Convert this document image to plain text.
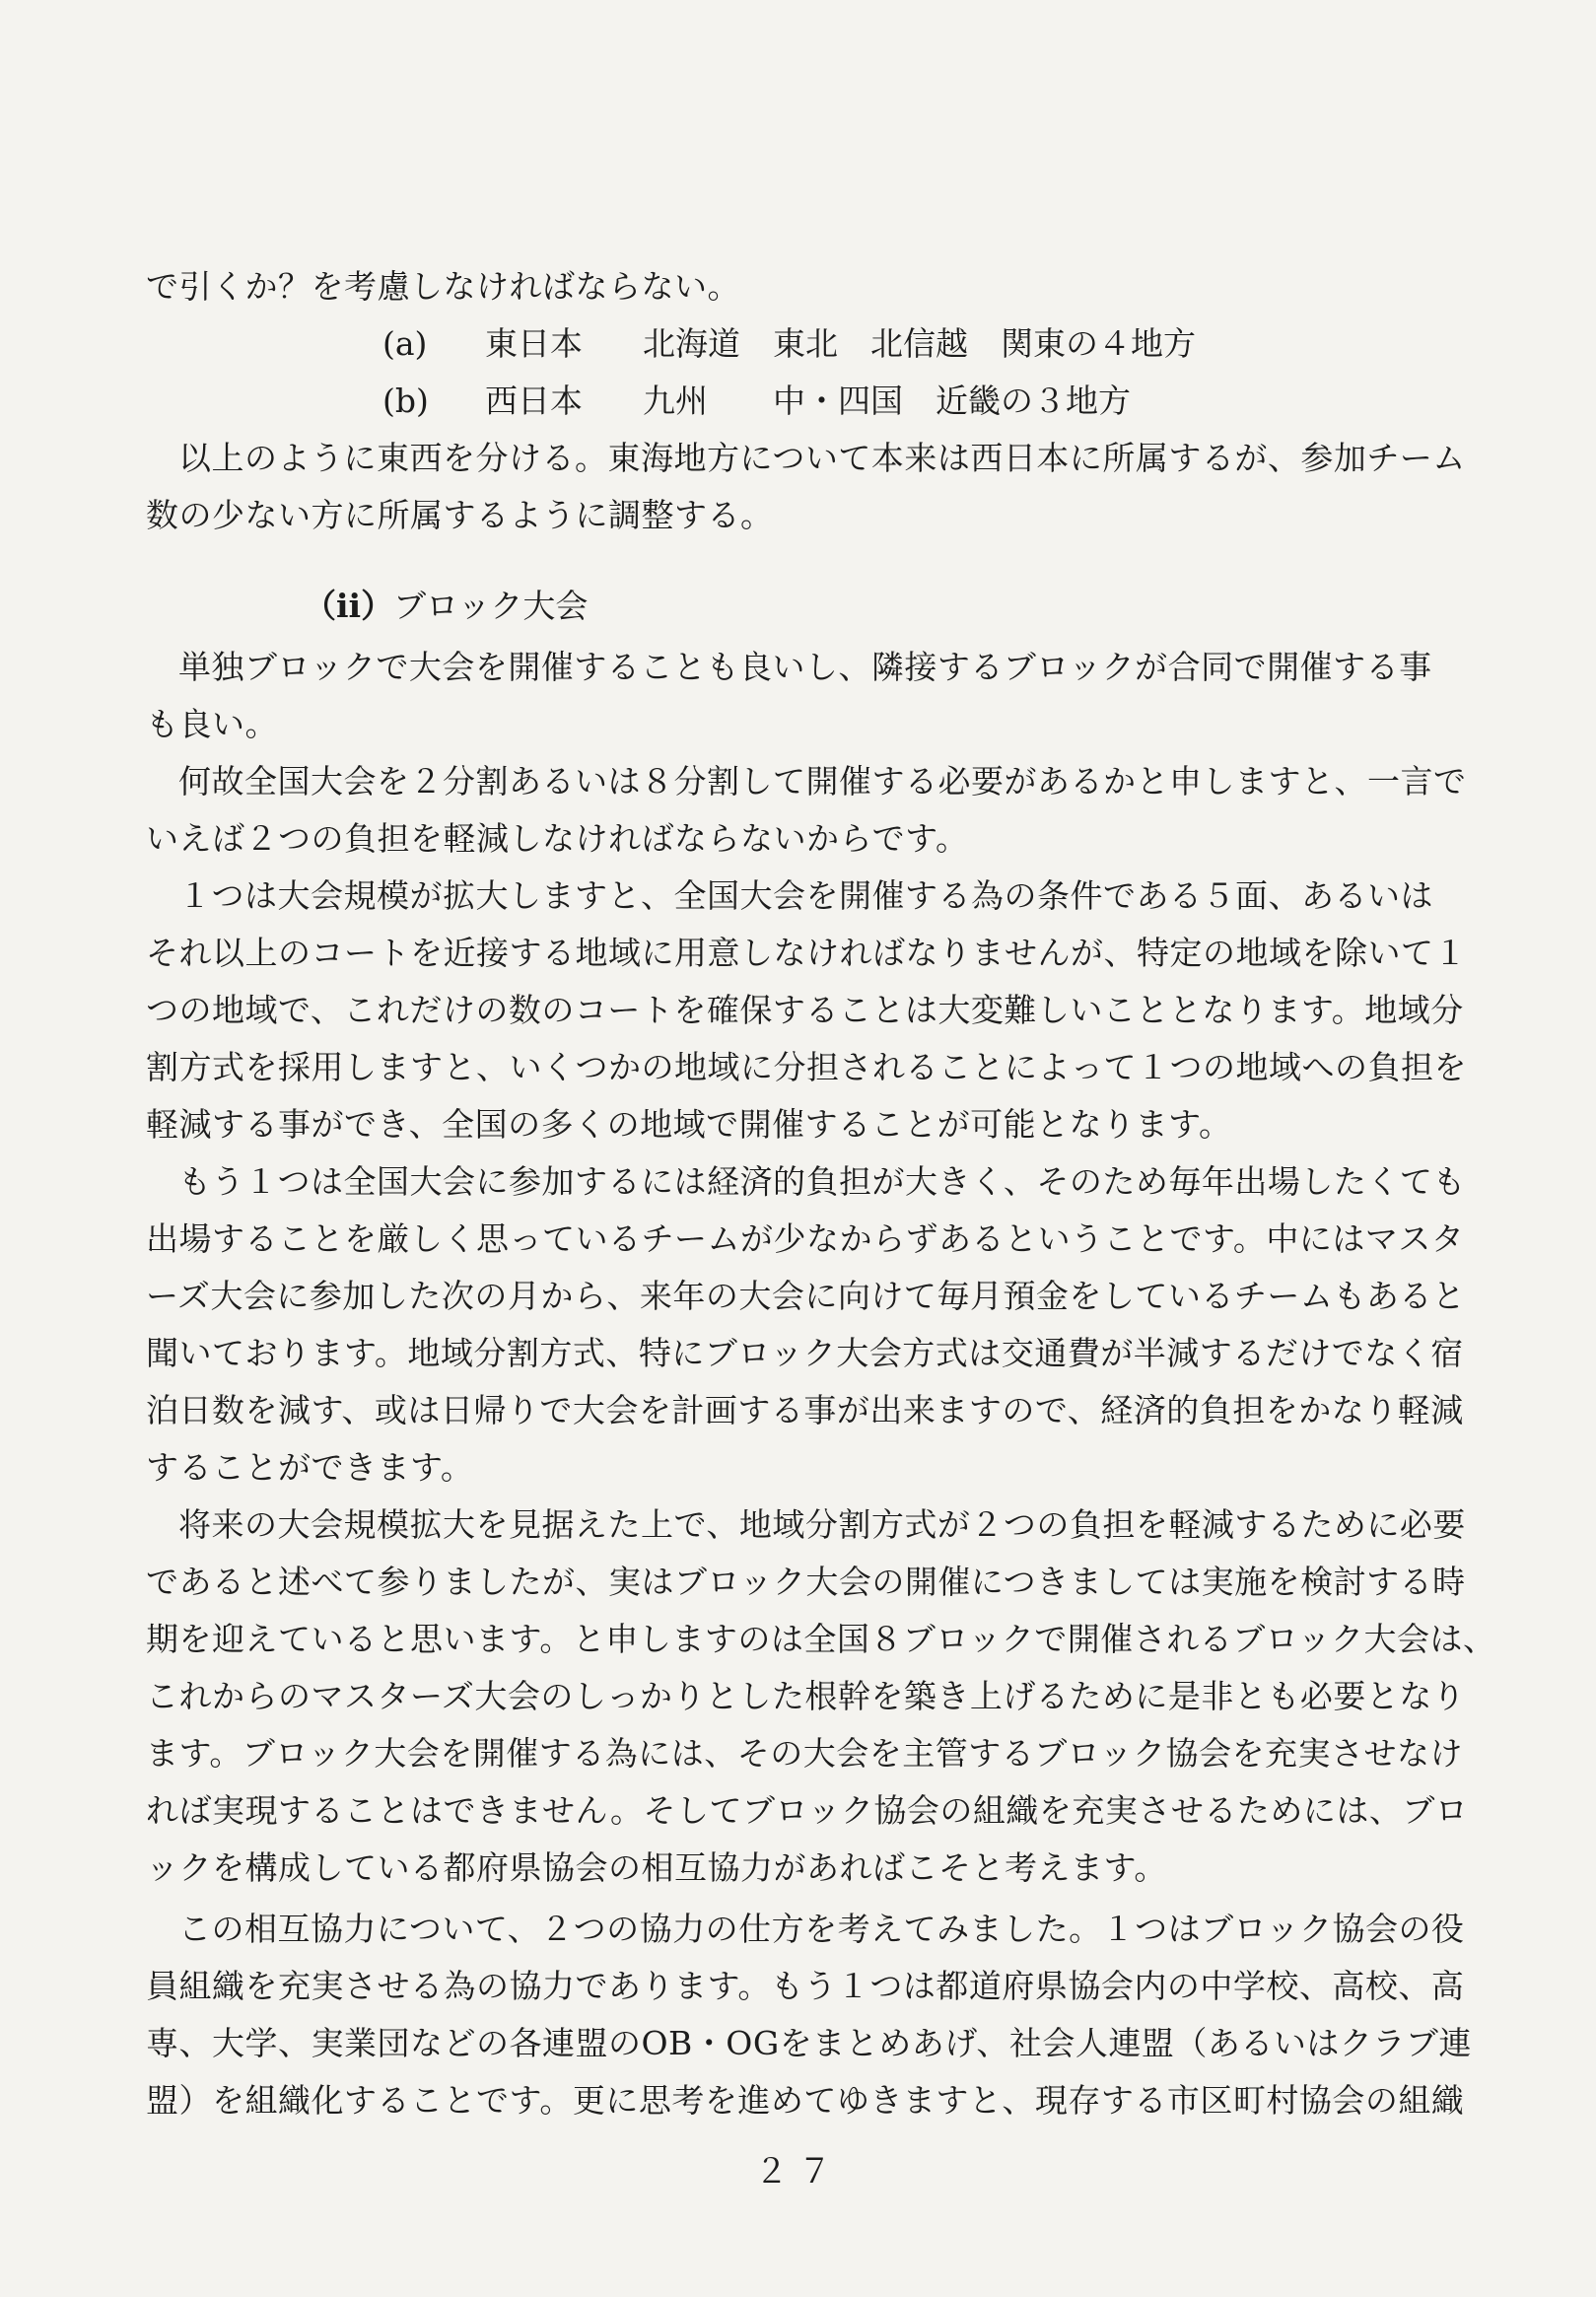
で引くか？を考慮しなければならない。
(a) 東日本 北海道　東北　北信越　関東の４地方
(b) 西日本 九州　　中・四国　近畿の３地方
以上のように東西を分ける。東海地方について本来は西日本に所属するが、参加チーム
数の少ない方に所属するように調整する。
（ⅱ）ブロック大会
単独ブロックで大会を開催することも良いし、隣接するブロックが合同で開催する事
も良い。
何故全国大会を２分割あるいは８分割して開催する必要があるかと申しますと、一言で
いえば２つの負担を軽減しなければならないからです。
１つは大会規模が拡大しますと、全国大会を開催する為の条件である５面、あるいは
それ以上のコートを近接する地域に用意しなければなりませんが、特定の地域を除いて１
つの地域で、これだけの数のコートを確保することは大変難しいこととなります。地域分
割方式を採用しますと、いくつかの地域に分担されることによって１つの地域への負担を
軽減する事ができ、全国の多くの地域で開催することが可能となります。
もう１つは全国大会に参加するには経済的負担が大きく、そのため毎年出場したくても
出場することを厳しく思っているチームが少なからずあるということです。中にはマスタ
ーズ大会に参加した次の月から、来年の大会に向けて毎月預金をしているチームもあると
聞いております。地域分割方式、特にブロック大会方式は交通費が半減するだけでなく宿
泊日数を減す、或は日帰りで大会を計画する事が出来ますので、経済的負担をかなり軽減
することができます。
将来の大会規模拡大を見据えた上で、地域分割方式が２つの負担を軽減するために必要
であると述べて参りましたが、実はブロック大会の開催につきましては実施を検討する時
期を迎えていると思います。と申しますのは全国８ブロックで開催されるブロック大会は、
これからのマスターズ大会のしっかりとした根幹を築き上げるために是非とも必要となり
ます。ブロック大会を開催する為には、その大会を主管するブロック協会を充実させなけ
れば実現することはできません。そしてブロック協会の組織を充実させるためには、ブロ
ックを構成している都府県協会の相互協力があればこそと考えます。
この相互協力について、２つの協力の仕方を考えてみました。１つはブロック協会の役
員組織を充実させる為の協力であります。もう１つは都道府県協会内の中学校、高校、高
専、大学、実業団などの各連盟のOB・OGをまとめあげ、社会人連盟（あるいはクラブ連
盟）を組織化することです。更に思考を進めてゆきますと、現存する市区町村協会の組織
２７
